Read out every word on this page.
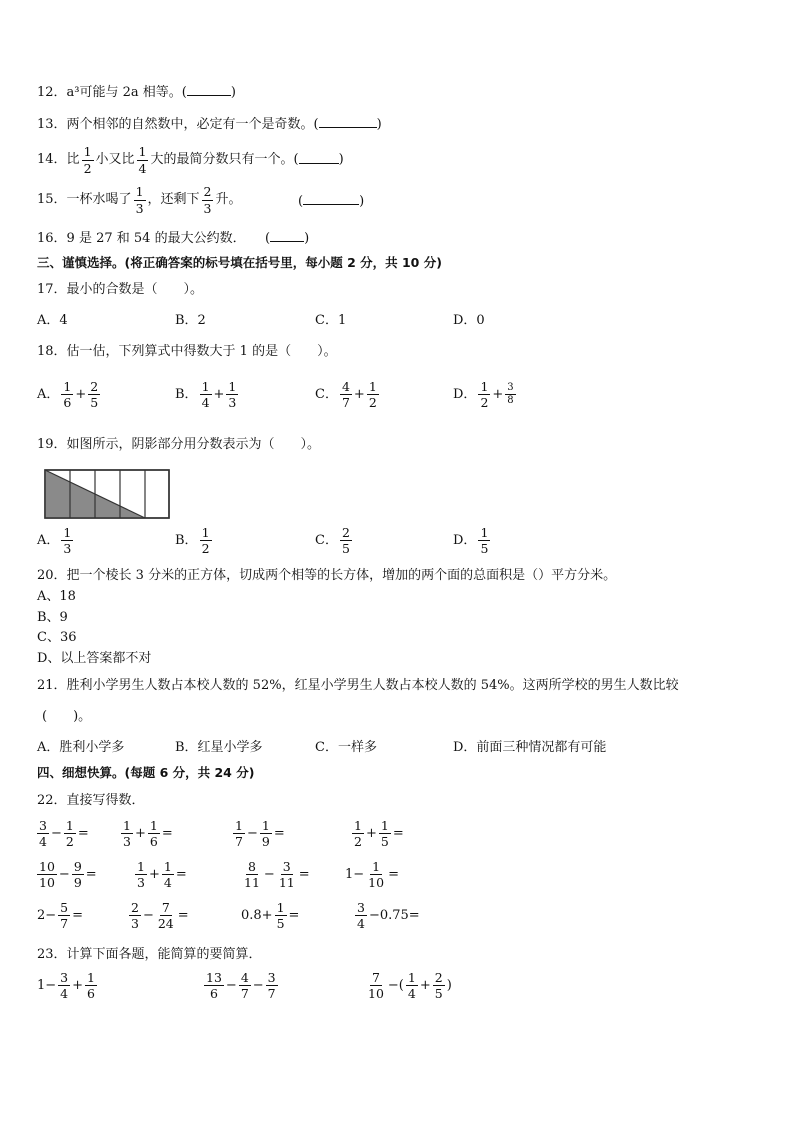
12．a³可能与 2a 相等。(	)
13．两个相邻的自然数中，必定有一个是奇数。(	)
14．比 $\frac{1}{2}$ 小又比 $\frac{1}{4}$ 大的最简分数只有一个。(	)
15．一杯水喝了 $\frac{1}{3}$ ，还剩下 $\frac{2}{3}$ 升。	(	)
16．9 是 27 和 54 的最大公约数． (	)
三、谨慎选择。(将正确答案的标号填在括号里，每小题 2 分，共 10 分)
17．最小的合数是（　　）。
A．4	B．2	C．1	D．0
18．估一估，下列算式中得数大于 1 的是（　　）。
A． $\frac{1}{6} + \frac{2}{5}$	B． $\frac{1}{4} + \frac{1}{3}$	C． $\frac{4}{7} + \frac{1}{2}$	D． $\frac{1}{2} + \frac{3}{8}$
19．如图所示，阴影部分用分数表示为（　　）。
A． $\frac{1}{3}$	B． $\frac{1}{2}$	C． $\frac{2}{5}$	D． $\frac{1}{5}$
20．把一个棱长 3 分米的正方体，切成两个相等的长方体，增加的两个面的总面积是（）平方分米。
A、18
B、9
C、36
D、以上答案都不对
21．胜利小学男生人数占本校人数的 52%，红星小学男生人数占本校人数的 54%。这两所学校的男生人数比较
(　　)。
A．胜利小学多	B．红星小学多	C．一样多	D．前面三种情况都有可能
四、细想快算。(每题 6 分，共 24 分)
22．直接写得数．
$\frac{3}{4} - \frac{1}{2}$ =	$\frac{1}{3} + \frac{1}{6}$ =	$\frac{1}{7} - \frac{1}{9}$ =	$\frac{1}{2} + \frac{1}{5}$ =
$\frac{10}{10} - \frac{9}{9}$ =	$\frac{1}{3} + \frac{1}{4}$ =	$\frac{8}{11} - \frac{3}{11}$ =	$1- \frac{1}{10}$ =
$2- \frac{5}{7}$ =	$\frac{2}{3} - \frac{7}{24}$ =	$0.8+ \frac{1}{5}$ =	$\frac{3}{4} -0.75=$
23．计算下面各题，能简算的要简算．
$1- \frac{3}{4} + \frac{1}{6}$	$\frac{13}{6} - \frac{4}{7} - \frac{3}{7}$	$\frac{7}{10}$ −( $\frac{1}{4} + \frac{2}{5}$ )
